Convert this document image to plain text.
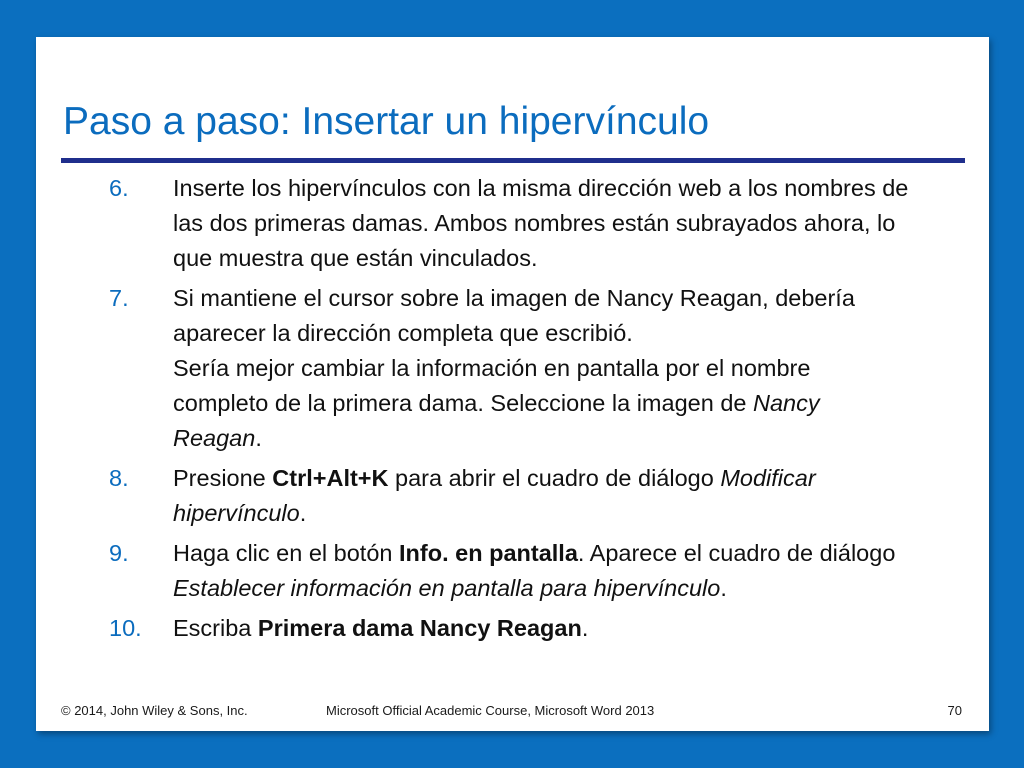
Paso a paso: Insertar un hipervínculo
6. Inserte los hipervínculos con la misma dirección web a los nombres de las dos primeras damas. Ambos nombres están subrayados ahora, lo que muestra que están vinculados.
7. Si mantiene el cursor sobre la imagen de Nancy Reagan, debería aparecer la dirección completa que escribió.
Sería mejor cambiar la información en pantalla por el nombre completo de la primera dama. Seleccione la imagen de Nancy Reagan.
8. Presione Ctrl+Alt+K para abrir el cuadro de diálogo Modificar hipervínculo.
9. Haga clic en el botón Info. en pantalla. Aparece el cuadro de diálogo Establecer información en pantalla para hipervínculo.
10. Escriba Primera dama Nancy Reagan.
© 2014, John Wiley & Sons, Inc.	Microsoft Official Academic Course, Microsoft Word 2013	70
